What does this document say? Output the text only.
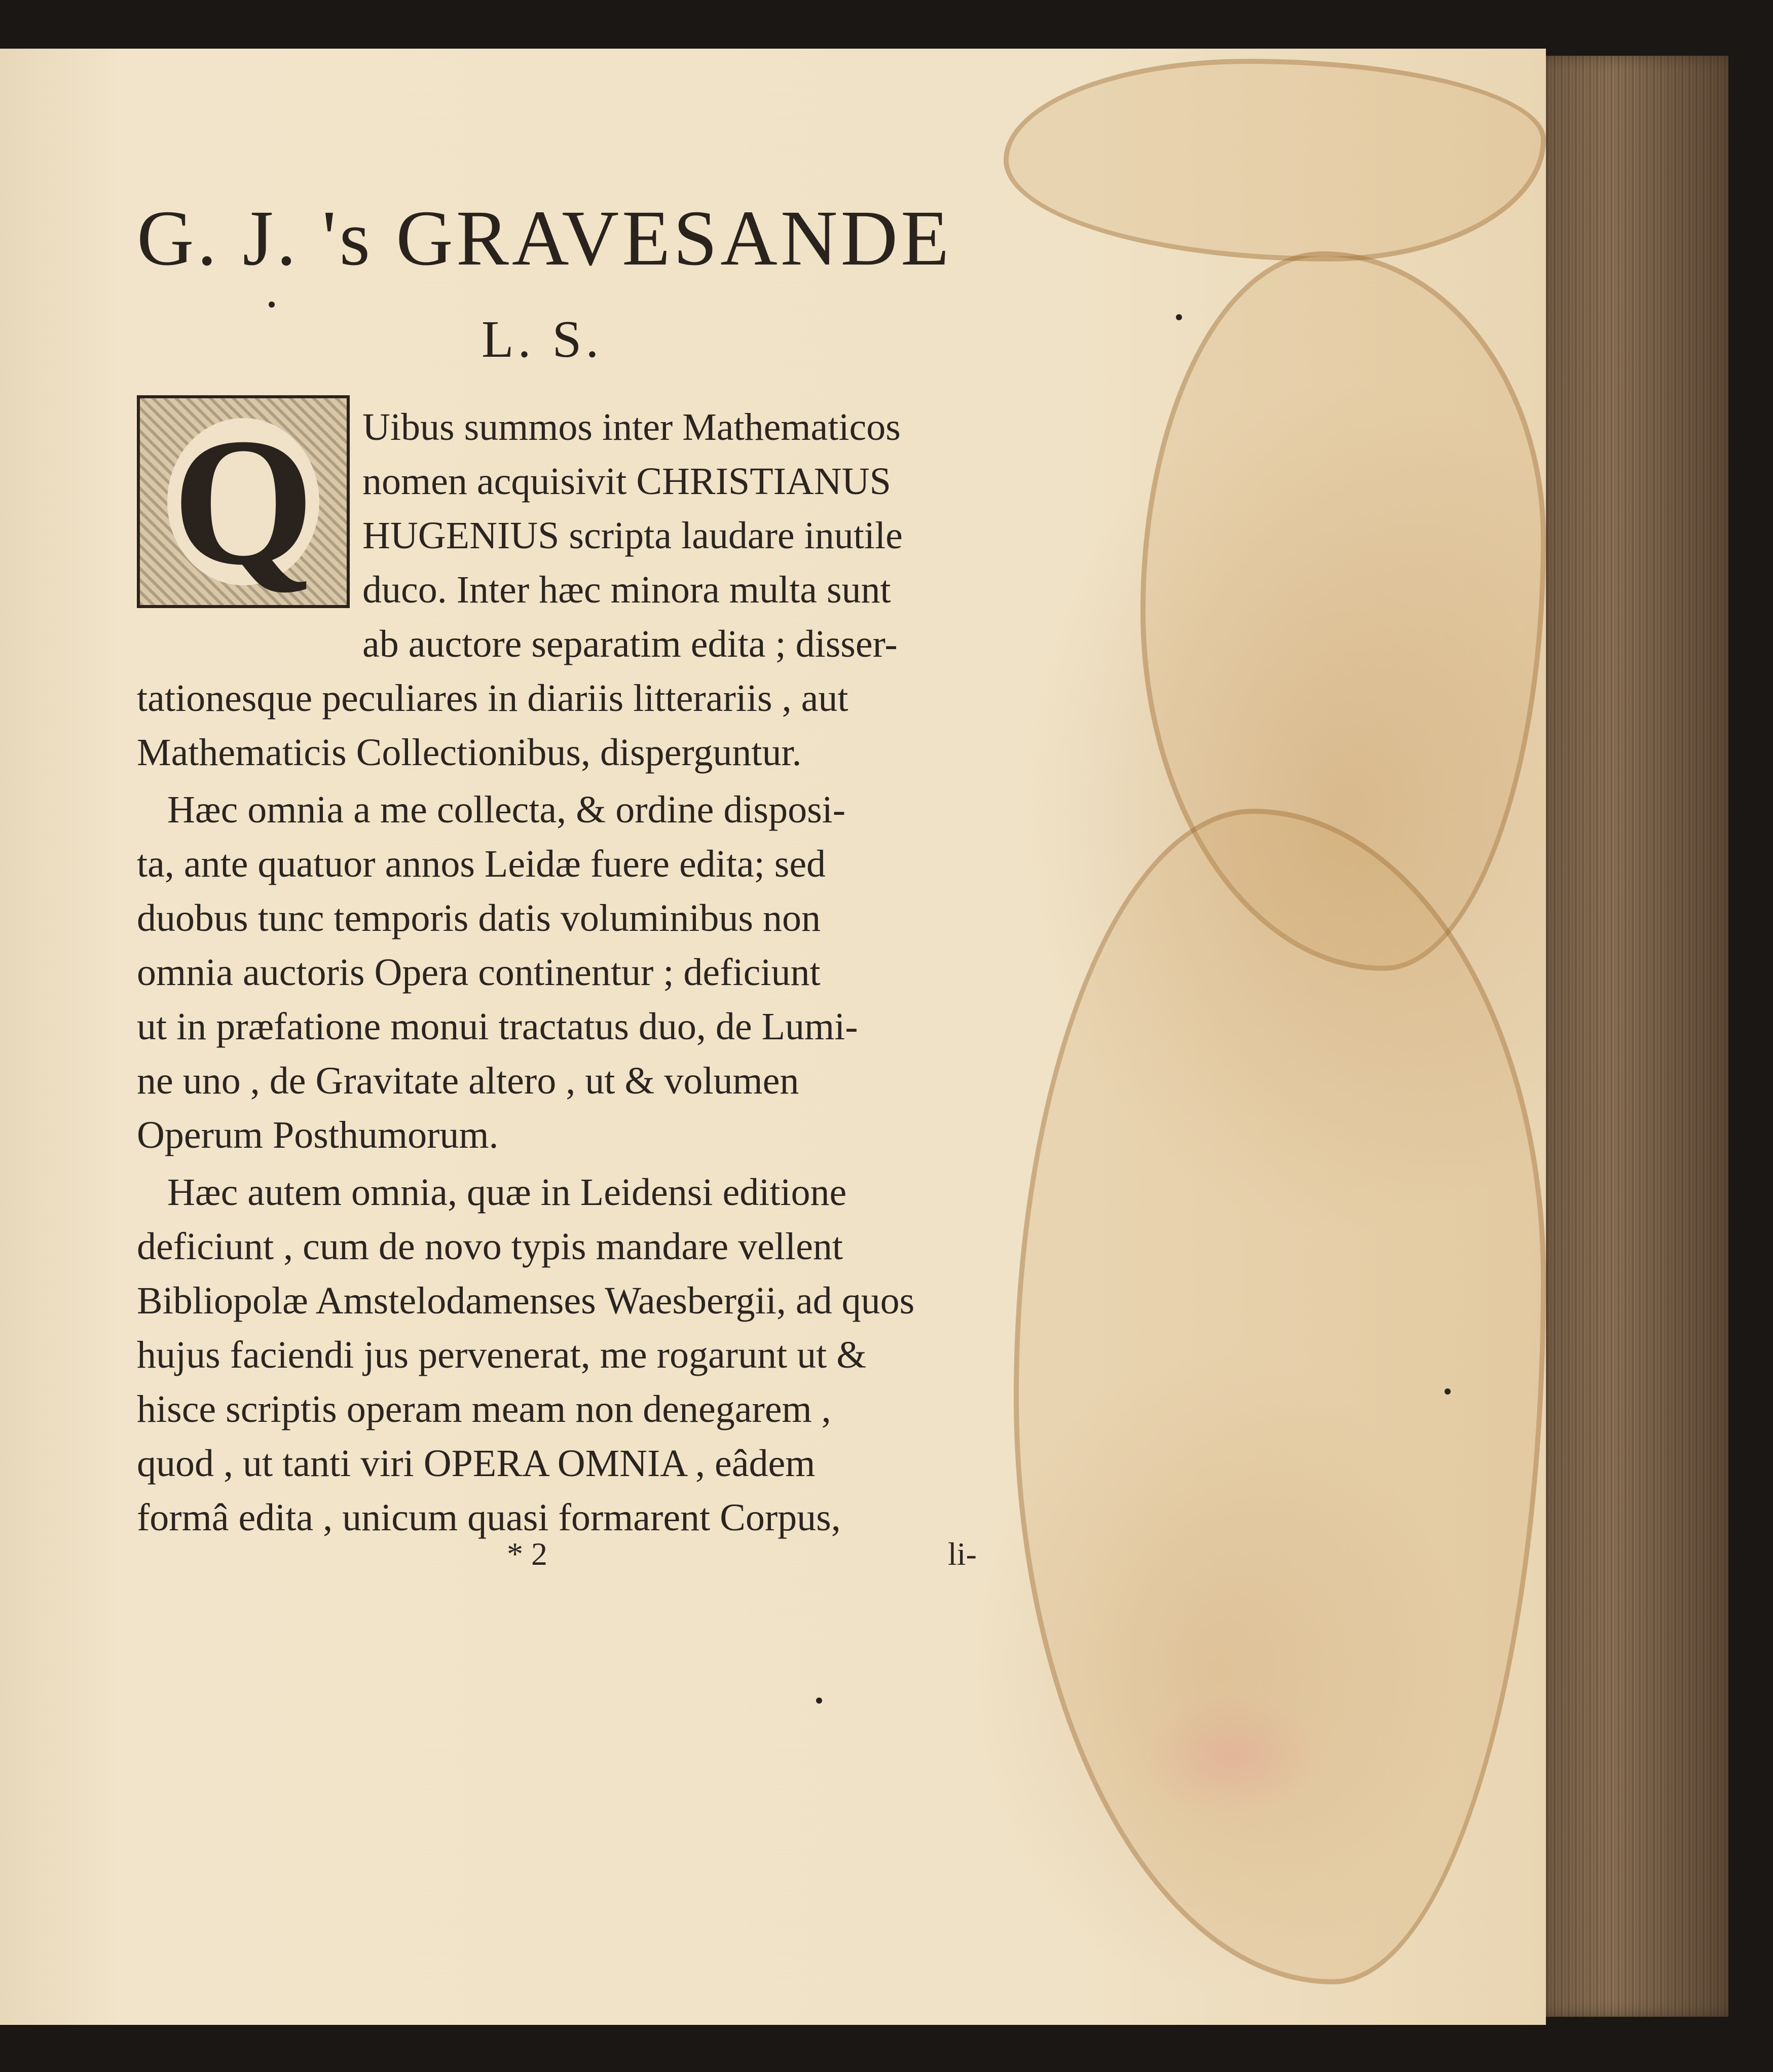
G. J. 's GRAVESANDE
L. S.
Q Uibus summos inter Mathematicos
nomen acquisivit CHRISTIANUS
HUGENIUS scripta laudare inutile
duco. Inter hæc minora multa sunt
ab auctore separatim edita ; disser-
tationesque peculiares in diariis litterariis , aut
Mathematicis Collectionibus, disperguntur.
Hæc omnia a me collecta, & ordine disposi-
ta, ante quatuor annos Leidæ fuere edita; sed
duobus tunc temporis datis voluminibus non
omnia auctoris Opera continentur ; deficiunt
ut in præfatione monui tractatus duo, de Lumi-
ne uno , de Gravitate altero , ut & volumen
Operum Posthumorum.
Hæc autem omnia, quæ in Leidensi editione
deficiunt , cum de novo typis mandare vellent
Bibliopolæ Amstelodamenses Waesbergii, ad quos
hujus faciendi jus pervenerat, me rogarunt ut &
hisce scriptis operam meam non denegarem ,
quod , ut tanti viri OPERA OMNIA , eâdem
formâ edita , unicum quasi formarent Corpus,
* 2	li-
